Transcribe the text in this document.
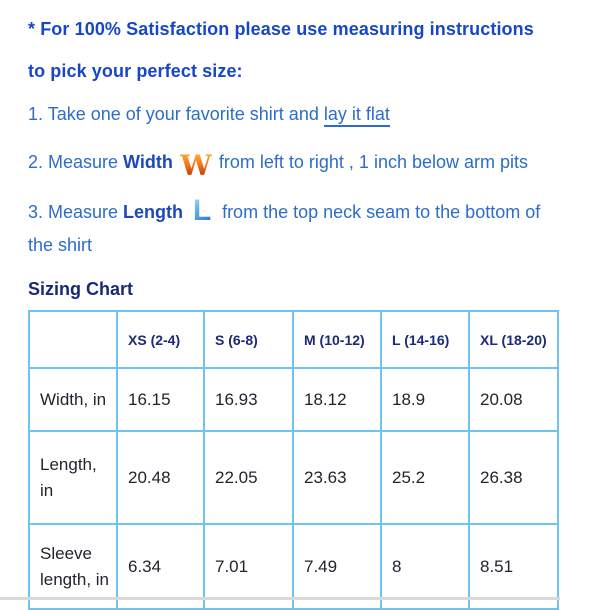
* For 100% Satisfaction please use measuring instructions
to pick your perfect size:
1. Take one of your favorite shirt and lay it flat
2. Measure Width W from left to right , 1 inch below arm pits
3. Measure Length L from the top neck seam to the bottom of
the shirt
Sizing Chart
	XS (2-4)	S (6-8)	M (10-12)	L (14-16)	XL (18-20)
Width, in	16.15	16.93	18.12	18.9	20.08
Length, in	20.48	22.05	23.63	25.2	26.38
Sleeve length, in	6.34	7.01	7.49	8	8.51
